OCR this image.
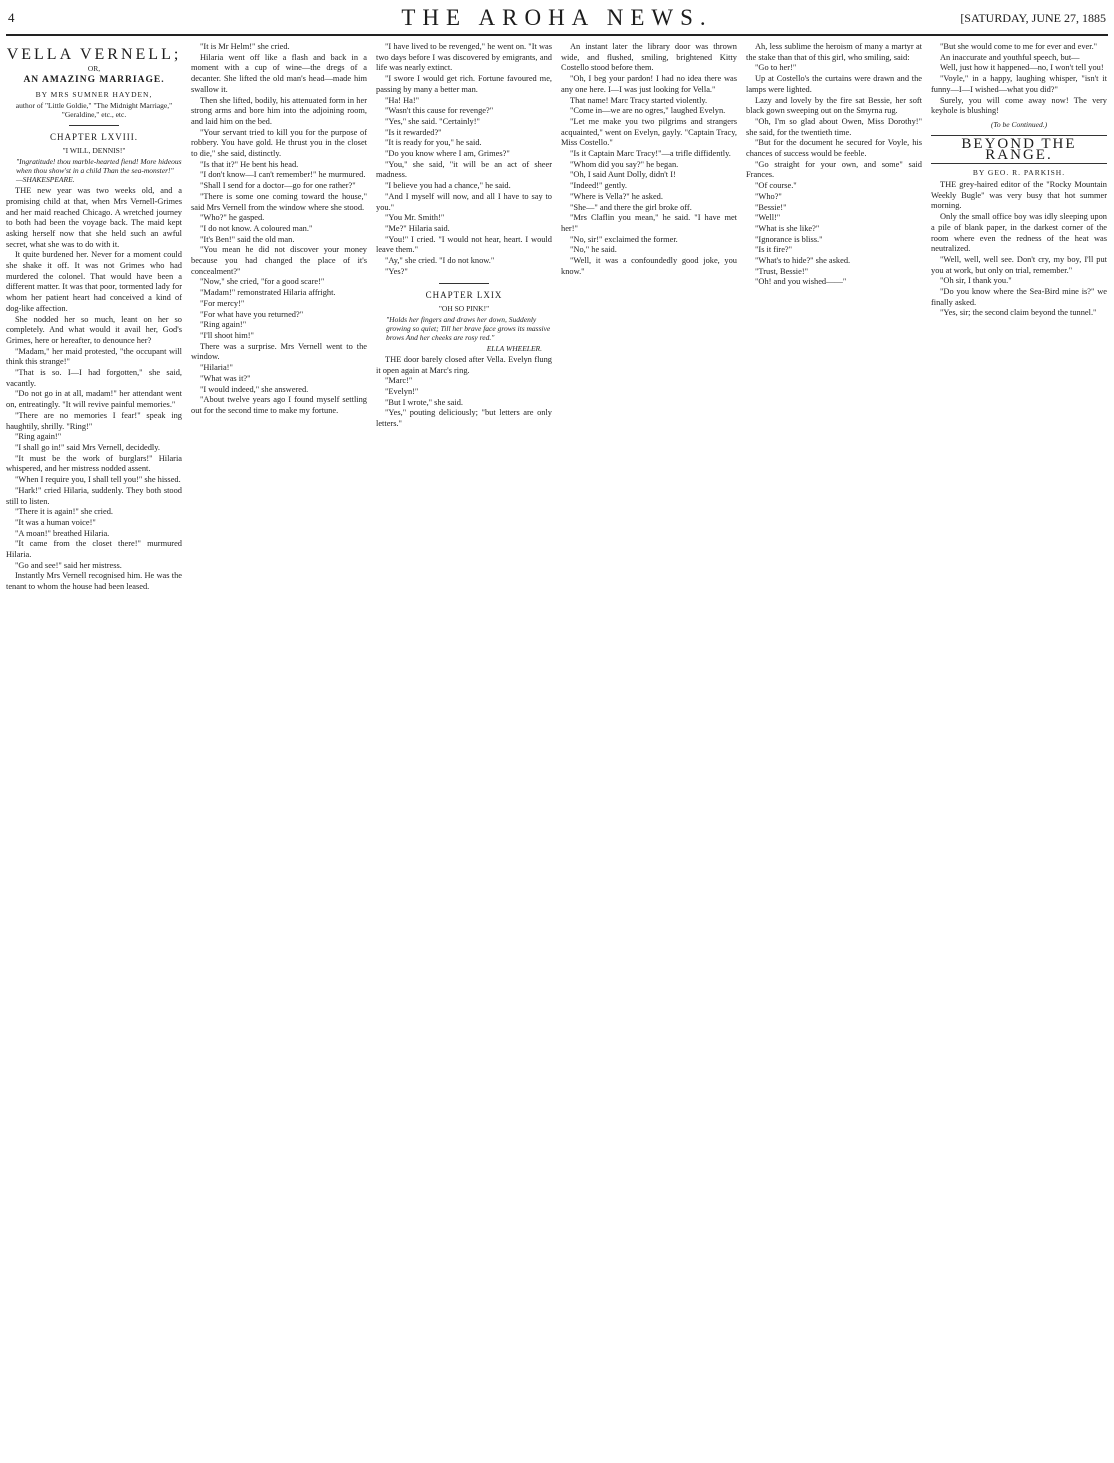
4	THE AROHA NEWS.	[SATURDAY, JUNE 27, 1885
VELLA VERNELL;
OR,
AN AMAZING MARRIAGE.
BY MRS SUMNER HAYDEN,
author of "Little Goldie," "The Midnight Marriage," "Geraldine," etc., etc.
CHAPTER LXVIII.
"I WILL, DENNIS!"
"Ingratitude! thou marble-hearted fiend! More hideous when thou show'st in a child Than the sea-monster!" —SHAKESPEARE.

THE new year was two weeks old, and a promising child at that, when Mrs Vernell-Grimes and her maid reached Chicago. A wretched journey to both had been the voyage back. The maid kept asking herself now that she held such an awful secret, what she was to do with it.

It quite burdened her. Never for a moment could she shake it off. It was not Grimes who had murdered the colonel. That would have been a different matter. It was that poor, tormented lady for whom her patient heart had conceived a kind of dog-like affection.

She nodded her so much, leant on her so completely. And what would it avail her, God's Grimes, here or hereafter, to denounce her?

"Madam," her maid protested, "the occupant will think this strange!"

"That is so. I—I had forgotten," she said, vacantly.

"Do not go in at all, madam!" her attendant went on, entreatingly. "It will revive painful memories."

"There are no memories I fear!" speak ing haughtily, shrilly. "Ring!"

"Ring again!"

"I shall go in!" said Mrs Vernell, decidedly.

"It must be the work of burglars!" Hilaria whispered, and her mistress nodded assent.

"When I require you, I shall tell you!" she hissed.

"Hark!" cried Hilaria, suddenly. They both stood still to listen.

"There it is again!" she cried.

"It was a human voice!"

"A moan!" breathed Hilaria.

"It came from the closet there!" murmured Hilaria.

"Go and see!" said her mistress.

Instantly Mrs Vernell recognised him. He was the tenant to whom the house had been leased.

"It is Mr Helm!" she cried.

Hilaria went off like a flash and back in a moment with a cup of wine—the dregs of a decanter. She lifted the old man's head—made him swallow it.

Then she lifted, bodily, his attenuated form in her strong arms and bore him into the adjoining room, and laid him on the bed.

"Your servant tried to kill you for the purpose of robbery. You have gold. He thrust you in the closet to die," she said, distinctly.

"Is that it?" He bent his head.

"I don't know—I can't remember!" he murmured.

"Shall I send for a doctor—go for one rather?"

"There is some one coming toward the house," said Mrs Vernell from the window where she stood.

"Who?" he gasped.

"I do not know. A coloured man."

"It's Ben!" said the old man.

"You mean he did not discover your money because you had changed the place of it's concealment?"

"Now," she cried, "for a good scare!"

"Madam!" remonstrated Hilaria affright.

"For mercy!"

"For what have you returned?"

"Ring again!"

"I'll shoot him!"

There was a surprise. Mrs Vernell went to the window.

"Hilaria!"

"What was it?"

"I would indeed," she answered.

"About twelve years ago I found myself settling out for the second time to make my fortune.

"I have lived to be revenged," he went on. "It was two days before I was discovered by emigrants, and life was nearly extinct.

"I swore I would get rich. Fortune favoured me, passing by many a better man.

"Ha! Ha!"

"Wasn't this cause for revenge?"

"Yes," she said. "Certainly!"

"Is it rewarded?"

"It is ready for you," he said.

"Do you know where I am, Grimes?"

"You," she said, "it will be an act of sheer madness.

"I believe you had a chance," he said.

"And I myself will now, and all I have to say to you."

"You Mr. Smith!"

"Me?" Hilaria said.

"You!" I cried. "I would not hear, heart. I would leave them."

"Ay," she cried. "I do not know."

"Yes?"

CHAPTER LXIX
"OH SO PINK!"
"Holds her fingers and draws her down, Suddenly growing so quiet; Till her brave face grows its massive brows And her cheeks are rosy red."
ELLA WHEELER.

THE door barely closed after Vella. Evelyn flung it open again at Marc's ring.

"Marc!"

"Evelyn!"

"But I wrote," she said.

"Yes," pouting deliciously; "but letters are only letters."

An instant later the library door was thrown wide, and flushed, smiling, brightened Kitty Costello stood before them.

"Oh, I beg your pardon! I had no idea there was any one here. I—I was just looking for Vella."

That name! Marc Tracy started violently.

"Come in—we are no ogres," laughed Evelyn.

"Let me make you two pilgrims and strangers acquainted," went on Evelyn, gayly. "Captain Tracy, Miss Costello."

"Is it Captain Marc Tracy!"—a trifle diffidently.

"Whom did you say?" he began.

"Oh, I said Aunt Dolly, didn't I!

"Indeed!" gently.

"Where is Vella?" he asked.

"She—" and there the girl broke off.

"Mrs Claflin you mean," he said. "I have met her!"

"No, sir!" exclaimed the former.

"No," he said.

"Well, it was a confoundedly good joke, you know."

Ah, less sublime the heroism of many a martyr at the stake than that of this girl, who smiling, said:

"Go to her!"

Up at Costello's the curtains were drawn and the lamps were lighted.

Lazy and lovely by the fire sat Bessie, her soft black gown sweeping out on the Smyrna rug.

"Oh, I'm so glad about Owen, Miss Dorothy!" she said, for the twentieth time.

"But for the document he secured for Voyle, his chances of success would be feeble.

"Go straight for your own, and some" said Frances.

"Of course."

"Who?"

"Bessie!"

"Well!"

"What is she like?"

"Ignorance is bliss."

"Is it fire?"

"What's to hide?" she asked.

"Trust, Bessie!"

"Oh! and you wished——"

"But she would come to me for ever and ever."

An inaccurate and youthful speech, but—

Well, just how it happened—no, I won't tell you!

"Voyle," in a happy, laughing whisper, "isn't it funny—I—I wished—what you did?"

Surely, you will come away now! The very keyhole is blushing!

(To be Continued.)
BEYOND THE RANGE.
BY GEO. R. PARKISH.

THE grey-haired editor of the "Rocky Mountain Weekly Bugle" was very busy that hot summer morning.

Only the small office boy was idly sleeping upon a pile of blank paper, in the darkest corner of the room where even the redness of the heat was neutralized.

"Well, well, well see. Don't cry, my boy, I'll put you at work, but only on trial, remember."

"Oh sir, I thank you."

"Do you know where the Sea-Bird mine is?" we finally asked.

"Yes, sir; the second claim beyond the tunnel."
